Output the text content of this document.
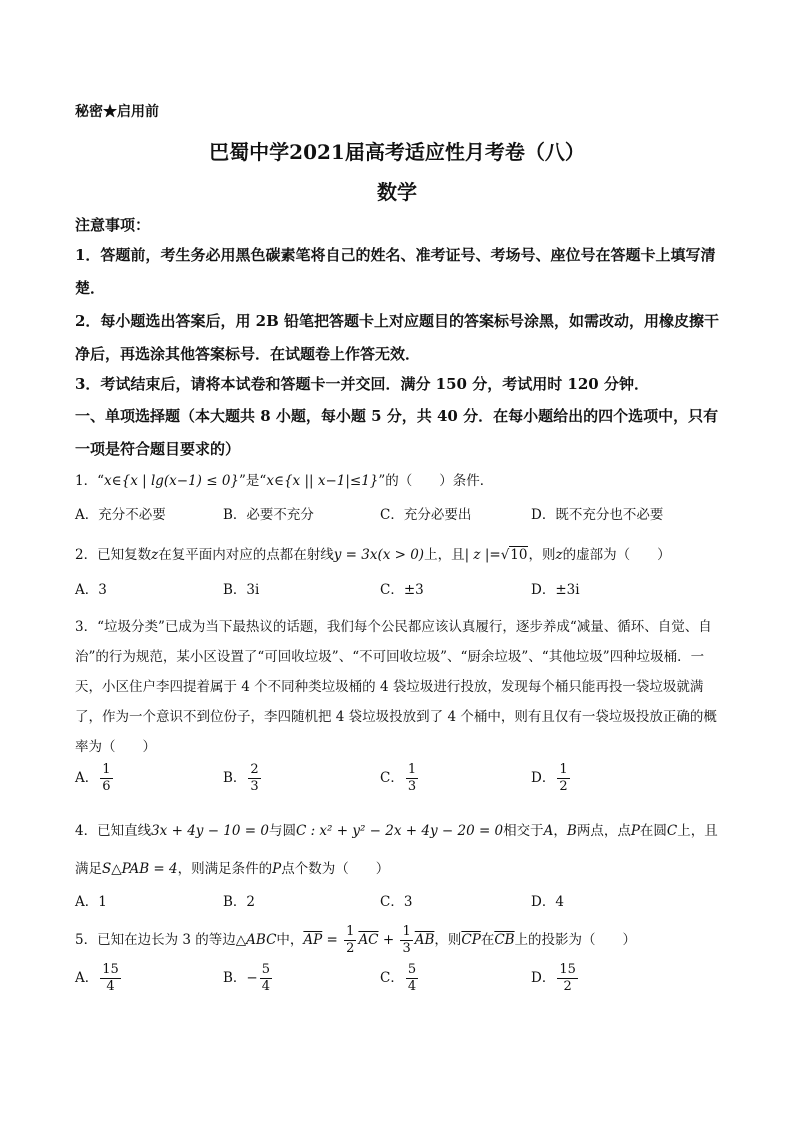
秘密★启用前
巴蜀中学2021届高考适应性月考卷（八）
数学
注意事项：
1．答题前，考生务必用黑色碳素笔将自己的姓名、准考证号、考场号、座位号在答题卡上填写清楚．
2．每小题选出答案后，用 2B 铅笔把答题卡上对应题目的答案标号涂黑，如需改动，用橡皮擦干净后，再选涂其他答案标号．在试题卷上作答无效．
3．考试结束后，请将本试卷和答题卡一并交回．满分 150 分，考试用时 120 分钟．
一、单项选择题（本大题共 8 小题，每小题 5 分，共 40 分．在每小题给出的四个选项中，只有一项是符合题目要求的）
1．“x∈{x | lg(x−1) ≤ 0}”是“x∈{x || x−1|≤1}”的（　　）条件．
A．充分不必要	B．必要不充分	C．充分必要出	D．既不充分也不必要
2．已知复数z在复平面内对应的点都在射线y = 3x(x > 0)上，且| z |=√10，则z的虚部为（　　）
A．3	B．3i	C．±3	D．±3i
3．“垃圾分类”已成为当下最热议的话题，我们每个公民都应该认真履行，逐步养成“减量、循环、自觉、自治”的行为规范，某小区设置了“可回收垃圾”、“不可回收垃圾”、“厨余垃圾”、“其他垃圾”四种垃圾桶．一天，小区住户李四提着属于 4 个不同种类垃圾桶的 4 袋垃圾进行投放，发现每个桶只能再投一袋垃圾就满了，作为一个意识不到位份子，李四随机把 4 袋垃圾投放到了 4 个桶中，则有且仅有一袋垃圾投放正确的概率为（　　）
A． $\frac{1}{6}$	B． $\frac{2}{3}$	C． $\frac{1}{3}$	D． $\frac{1}{2}$
4．已知直线3x + 4y − 10 = 0与圆C : x² + y² − 2x + 4y − 20 = 0相交于A，B两点，点P在圆C上，且满足S△PAB = 4，则满足条件的P点个数为（　　）
A．1	B．2	C．3	D．4
5．已知在边长为 3 的等边△ABC中，$\overline{AP} = \frac{1}{2} \overline{AC} + \frac{1}{3} \overline{AB}$，则$\overline{CP}$在$\overline{CB}$上的投影为（　　）
A． $\frac{15}{4}$	B．− $\frac{5}{4}$	C． $\frac{5}{4}$	D． $\frac{15}{2}$
